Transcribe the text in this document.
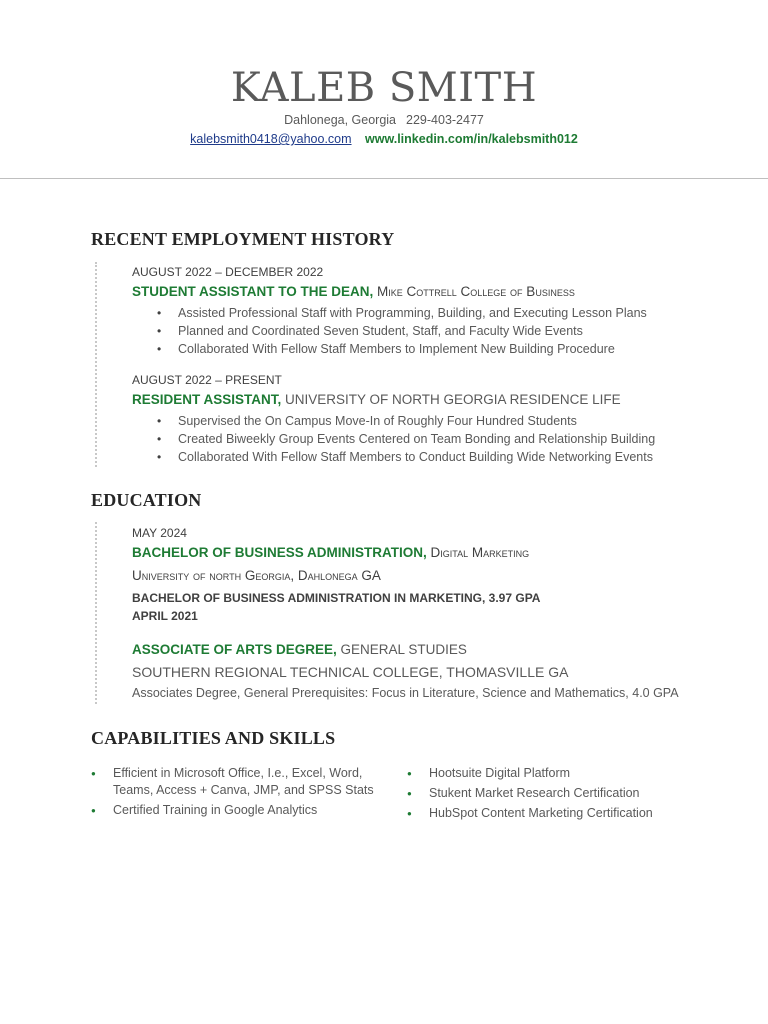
KALEB SMITH
Dahlonega, Georgia 229-403-2477
kalebsmith0418@yahoo.com www.linkedin.com/in/kalebsmith012
RECENT EMPLOYMENT HISTORY
AUGUST 2022 – DECEMBER 2022
STUDENT ASSISTANT TO THE DEAN, Mike Cottrell College of Business
• Assisted Professional Staff with Programming, Building, and Executing Lesson Plans
• Planned and Coordinated Seven Student, Staff, and Faculty Wide Events
• Collaborated With Fellow Staff Members to Implement New Building Procedure
AUGUST 2022 – PRESENT
RESIDENT ASSISTANT, UNIVERSITY OF NORTH GEORGIA RESIDENCE LIFE
• Supervised the On Campus Move-In of Roughly Four Hundred Students
• Created Biweekly Group Events Centered on Team Bonding and Relationship Building
• Collaborated With Fellow Staff Members to Conduct Building Wide Networking Events
EDUCATION
MAY 2024
BACHELOR OF BUSINESS ADMINISTRATION, Digital Marketing
University of north Georgia, Dahlonega GA
BACHELOR OF BUSINESS ADMINISTRATION IN MARKETING, 3.97 GPA
APRIL 2021
ASSOCIATE OF ARTS DEGREE, GENERAL STUDIES
SOUTHERN REGIONAL TECHNICAL COLLEGE, THOMASVILLE GA
Associates Degree, General Prerequisites: Focus in Literature, Science and Mathematics, 4.0 GPA
CAPABILITIES AND SKILLS
● Efficient in Microsoft Office, I.e., Excel, Word, Teams, Access + Canva, JMP, and SPSS Stats
● Certified Training in Google Analytics
● Hootsuite Digital Platform
● Stukent Market Research Certification
● HubSpot Content Marketing Certification
